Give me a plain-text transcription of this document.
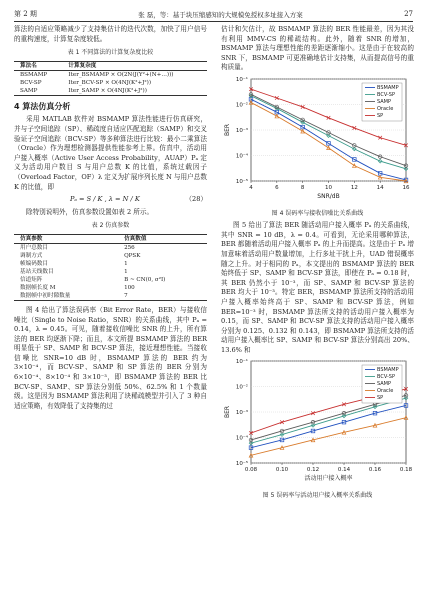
第 2 期	张 磊，等：基于块压缩感知的大规模免授权多址接入方案	27

算法的自适应策略减少了支持集估计的迭代次数，加快了用户信号的重构速度，计算复杂度较低。

表 1 不同算法的计算复杂度比较
算法名	计算复杂度
BSMAMP	Iter_BSMAMP × O(2N(J(Y²+(N+…)))
BCV-SP	Iter_BCV-SP × O(4NJ(K²+J²))
SAMP	Iter_SAMP × O(4NJ(K²+J²))
4 算法仿真分析

采用 MATLAB 软件对 BSMAMP 算法性能进行仿真研究，并与子空间追踪（SP）、稀疏度自适应匹配追踪（SAMP）和交叉验证子空间追踪（BCV-SP）等多种算法进行比较：最小二乘算法（Oracle）作为理想检测器提供性能参考上界。仿真中，活动用户接入概率（Active User Access Probability，AUAP）Pₐ 定义为活动用户数目 S 与用户总数 K 的比值，系统过载因子（Overload Factor，OF）λ 定义为扩展序列长度 N 与用户总数 K 的比值，即

Pₐ = S / K , λ = N / K	（28）

除特别说明外，仿真参数设置如表 2 所示。

表 2 仿真参数
仿真参数	仿真数值
用户总数目	256
调制方式	QPSK
帧编码数目	1
基站天线数目	1
信道矩阵	B ~ CN(0, σ²I)
数据帧长度 M	100
数据帧中初时隙数量	7

图 4 给出了算法误码率（Bit Error Rate，BER）与接收信噪比（Single to Noise Ratio，SNR）的关系曲线，其中 Pₐ = 0.14，λ = 0.45。可见，随着接收信噪比 SNR 的上升，所有算法的 BER 均逐渐下降；而且，本文所提 BSMAMP 算法的 BER 明显低于 SP、SAMP 和 BCV-SP 算法，接近理想性能。当接收信噪比 SNR=10 dB 时，BSMAMP 算法的 BER 约为 3×10⁻⁴，而 BCV-SP、SAMP 和 SP 算法的 BER 分别为 6×10⁻⁴、8×10⁻⁴ 和 3×10⁻³，即 BSMAMP 算法的 BER 比 BCV-SP、SAMP、SP 算法分别低 50%、62.5% 和 1 个数量级。这是因为 BSMAMP 算法利用了块稀疏模型并引入了 3 种自适应策略，有效降低了支持集的过

估计和欠估计，故 BSMAMP 算法的 BER 性能最差，因为其没有利用 MMV-CS 的稀疏结构。此外，随着 SNR 的增加，BSMAMP 算法与理想性能的差距逐渐缩小。这是由于在较高的 SNR 下，BSMAMP 可更准确地估计支持集，从而提高信号的重构质量。

10⁻⁵
10⁻⁴
10⁻³
10⁻²
10⁻¹
4	6	8	10	12	14	16
SNR/dB
BER
BSMAMP
BCV-SP
SAMP
Oracle
SP
图 4 误码率与接收信噪比关系曲线

图 5 给出了算法 BER 随活动用户接入概率 Pₐ 的关系曲线，其中 SNR = 10 dB，λ = 0.4。可看到，无论采用哪种算法，BER 都随着活动用户接入概率 Pₐ 的上升而提高。这是由于 Pₐ 增加意味着活动用户数量增加，上行多址干扰上升，UAD 错误概率随之上升。对于相同的 Pₐ，本文提出的 BSMAMP 算法的 BER 始终低于 SP、SAMP 和 BCV-SP 算法，即使在 Pₐ = 0.18 时，其 BER 仍然小于 10⁻³，而 SP、SAMP 和 BCV-SP 算法的 BER 均大于 10⁻³。特定 BER，BSMAMP 算法所支持的活动用户接入概率始终高于 SP、SAMP 和 BCV-SP 算法，例如 BER=10⁻³ 时，BSMAMP 算法所支持的活动用户接入概率为 0.15，而 SP、SAMP 和 BCV-SP 算法支持的活动用户接入概率分别为 0.125、0.132 和 0.143，即 BSMAMP 算法所支持的活动用户接入概率比 SP、SAMP 和 BCV-SP 算法分别高出 20%、13.6% 和

10⁻⁵
10⁻⁴
10⁻³
10⁻²
10⁻¹
0.08	0.10	0.12	0.14	0.16	0.18
活动用户接入概率
BER
BSMAMP
BCV-SP
SAMP
Oracle
SP
图 5 误码率与活动用户接入概率关系曲线
